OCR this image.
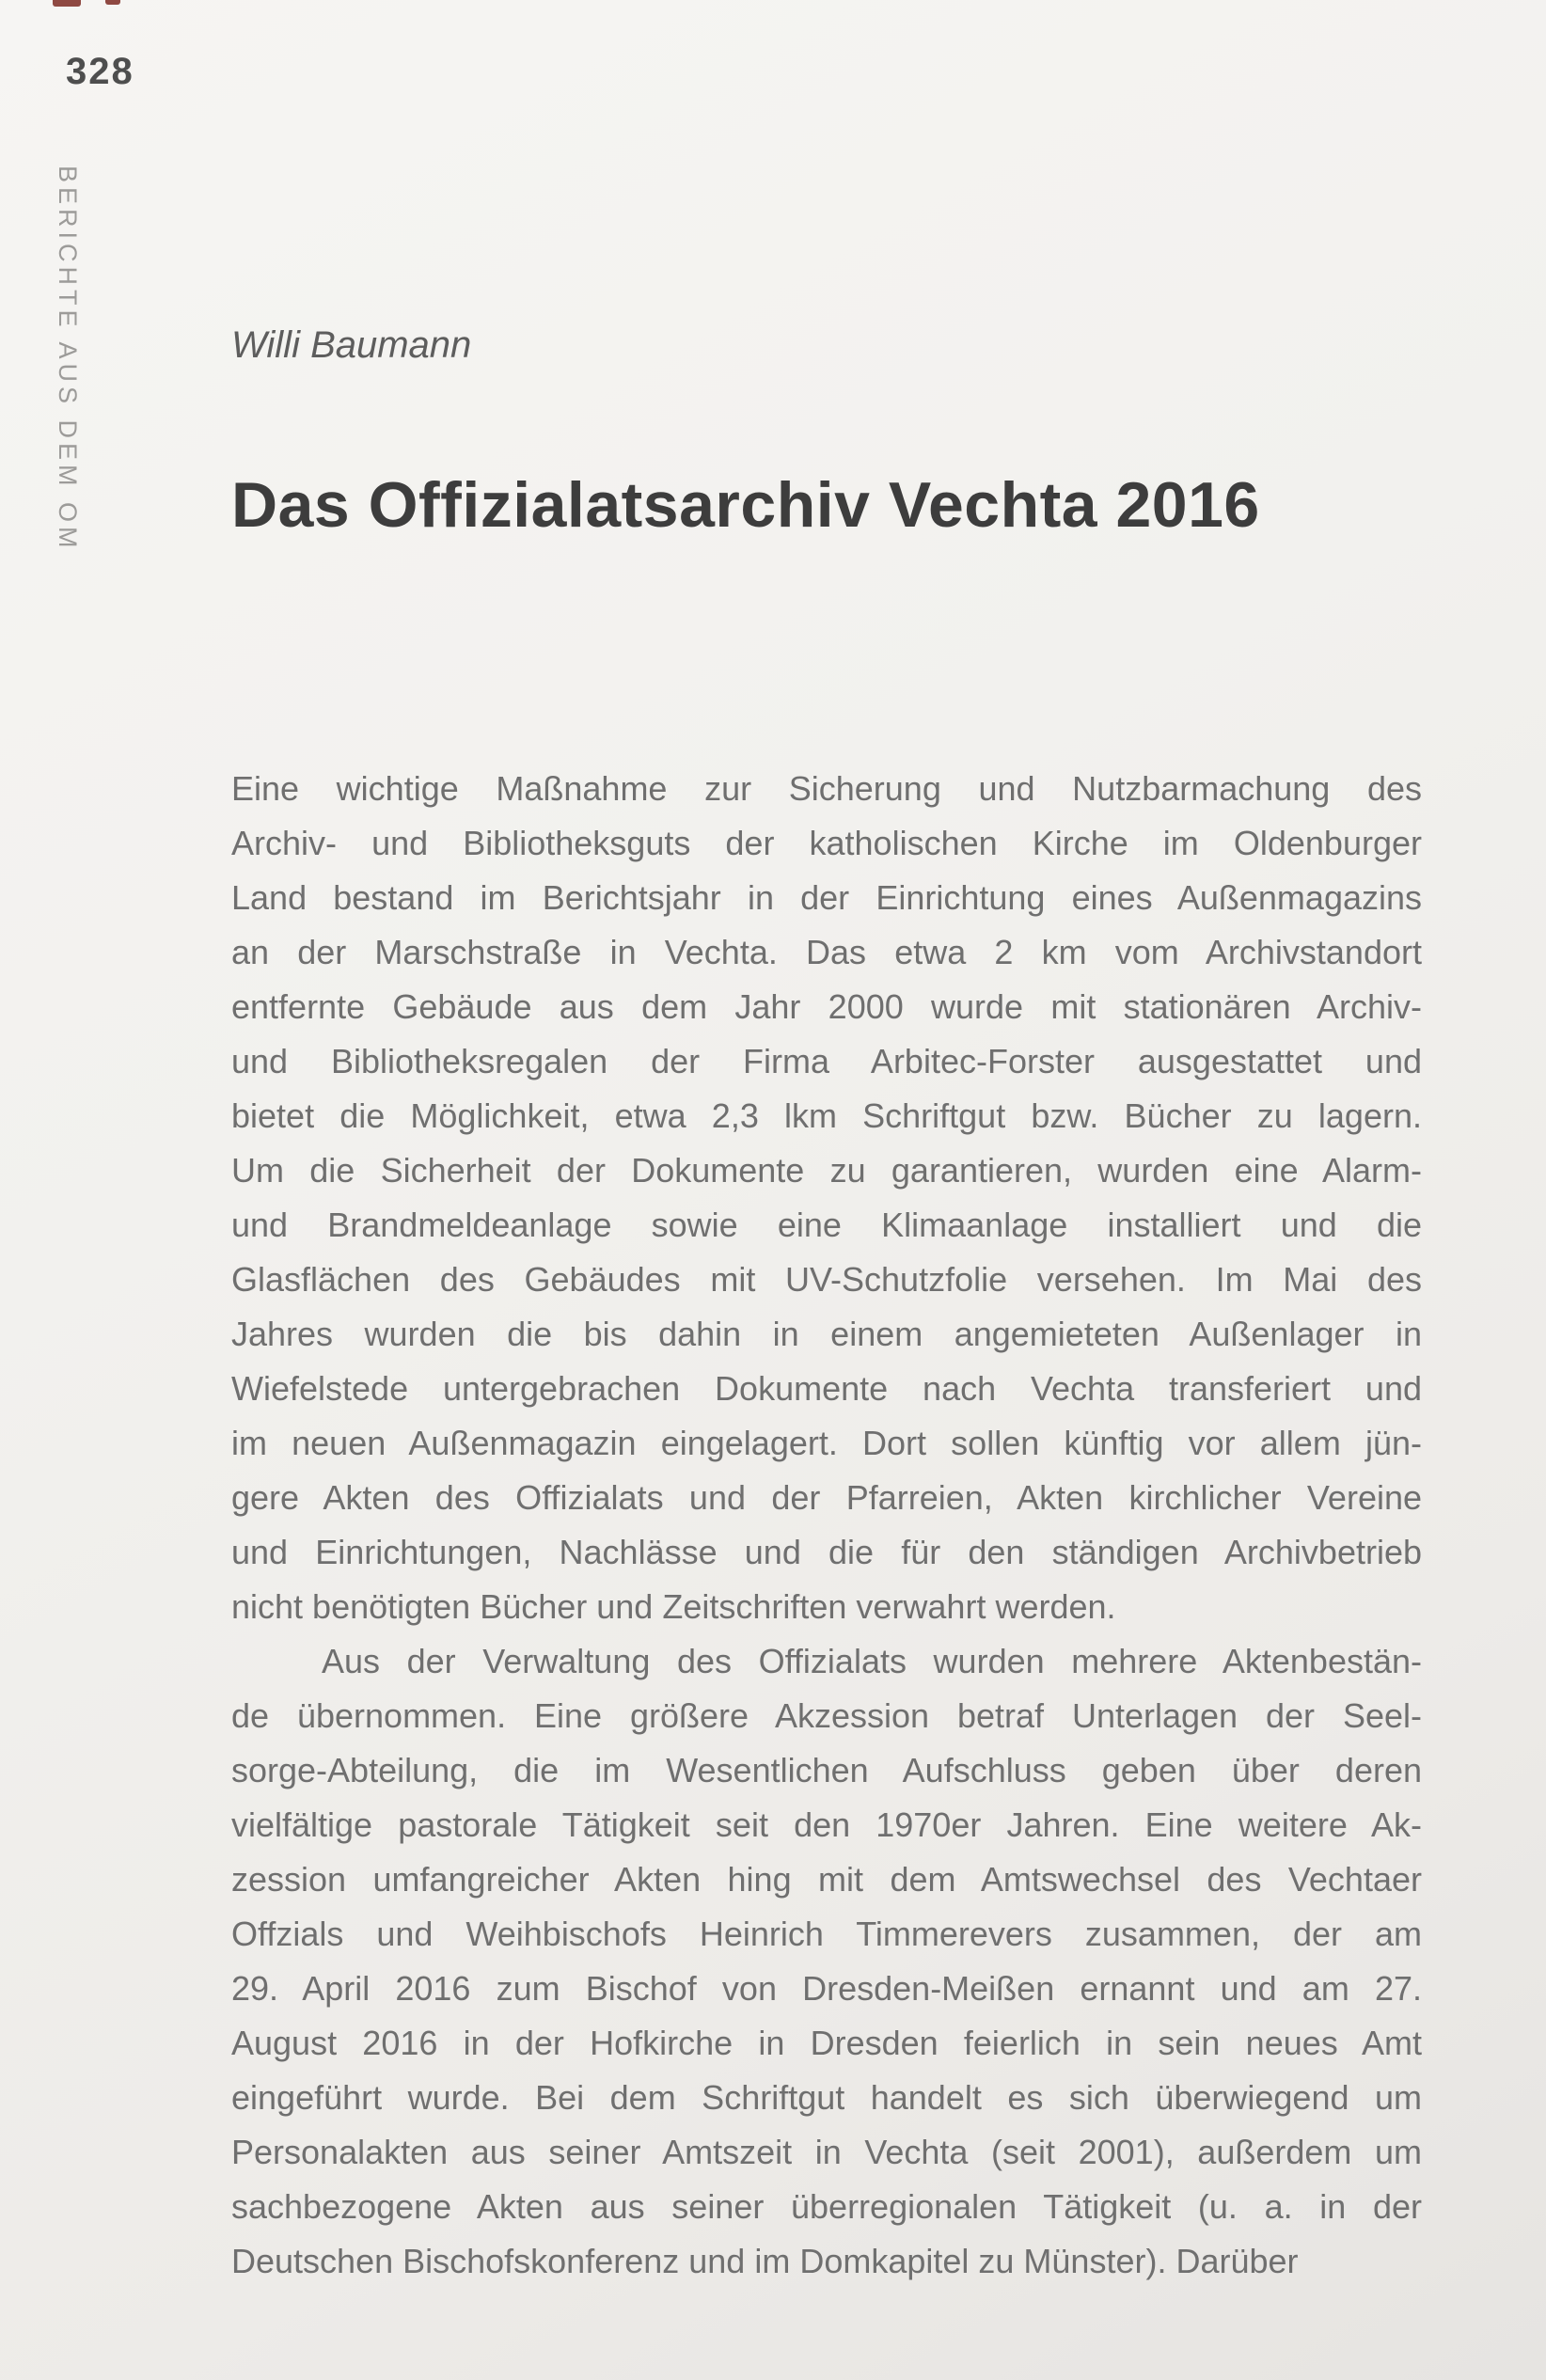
328
BERICHTE AUS DEM OM	Willi Baumann
Das Offizialatsarchiv Vechta 2016
Eine wichtige Maßnahme zur Sicherung und Nutzbarmachung des
Archiv- und Bibliotheksguts der katholischen Kirche im Oldenburger
Land bestand im Berichtsjahr in der Einrichtung eines Außenmagazins
an der Marschstraße in Vechta. Das etwa 2 km vom Archivstandort
entfernte Gebäude aus dem Jahr 2000 wurde mit stationären Archiv-
und Bibliotheksregalen der Firma Arbitec-Forster ausgestattet und
bietet die Möglichkeit, etwa 2,3 lkm Schriftgut bzw. Bücher zu lagern.
Um die Sicherheit der Dokumente zu garantieren, wurden eine Alarm-
und Brandmeldeanlage sowie eine Klimaanlage installiert und die
Glasflächen des Gebäudes mit UV-Schutzfolie versehen. Im Mai des
Jahres wurden die bis dahin in einem angemieteten Außenlager in
Wiefelstede untergebrachen Dokumente nach Vechta transferiert und
im neuen Außenmagazin eingelagert. Dort sollen künftig vor allem jün-
gere Akten des Offizialats und der Pfarreien, Akten kirchlicher Vereine
und Einrichtungen, Nachlässe und die für den ständigen Archivbetrieb
nicht benötigten Bücher und Zeitschriften verwahrt werden.
Aus der Verwaltung des Offizialats wurden mehrere Aktenbestän-
de übernommen. Eine größere Akzession betraf Unterlagen der Seel-
sorge-Abteilung, die im Wesentlichen Aufschluss geben über deren
vielfältige pastorale Tätigkeit seit den 1970er Jahren. Eine weitere Ak-
zession umfangreicher Akten hing mit dem Amtswechsel des Vechtaer
Offzials und Weihbischofs Heinrich Timmerevers zusammen, der am
29. April 2016 zum Bischof von Dresden-Meißen ernannt und am 27.
August 2016 in der Hofkirche in Dresden feierlich in sein neues Amt
eingeführt wurde. Bei dem Schriftgut handelt es sich überwiegend um
Personalakten aus seiner Amtszeit in Vechta (seit 2001), außerdem um
sachbezogene Akten aus seiner überregionalen Tätigkeit (u. a. in der
Deutschen Bischofskonferenz und im Domkapitel zu Münster). Darüber
